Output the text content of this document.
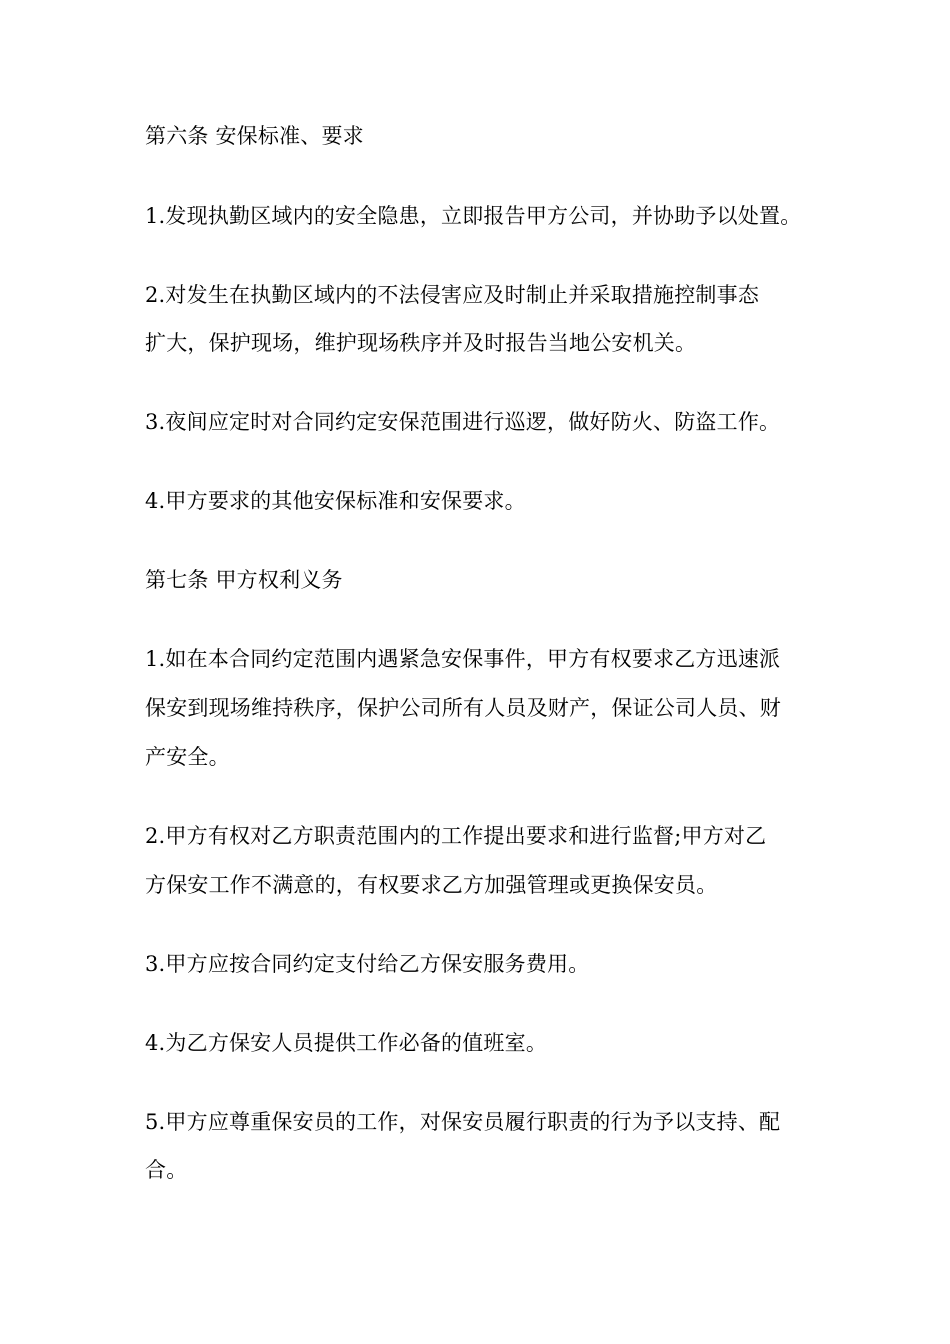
第六条 安保标准、要求
1.发现执勤区域内的安全隐患，立即报告甲方公司，并协助予以处置。
2.对发生在执勤区域内的不法侵害应及时制止并采取措施控制事态
扩大，保护现场，维护现场秩序并及时报告当地公安机关。
3.夜间应定时对合同约定安保范围进行巡逻，做好防火、防盗工作。
4.甲方要求的其他安保标准和安保要求。
第七条 甲方权利义务
1.如在本合同约定范围内遇紧急安保事件，甲方有权要求乙方迅速派
保安到现场维持秩序，保护公司所有人员及财产，保证公司人员、财
产安全。
2.甲方有权对乙方职责范围内的工作提出要求和进行监督;甲方对乙
方保安工作不满意的，有权要求乙方加强管理或更换保安员。
3.甲方应按合同约定支付给乙方保安服务费用。
4.为乙方保安人员提供工作必备的值班室。
5.甲方应尊重保安员的工作，对保安员履行职责的行为予以支持、配
合。
